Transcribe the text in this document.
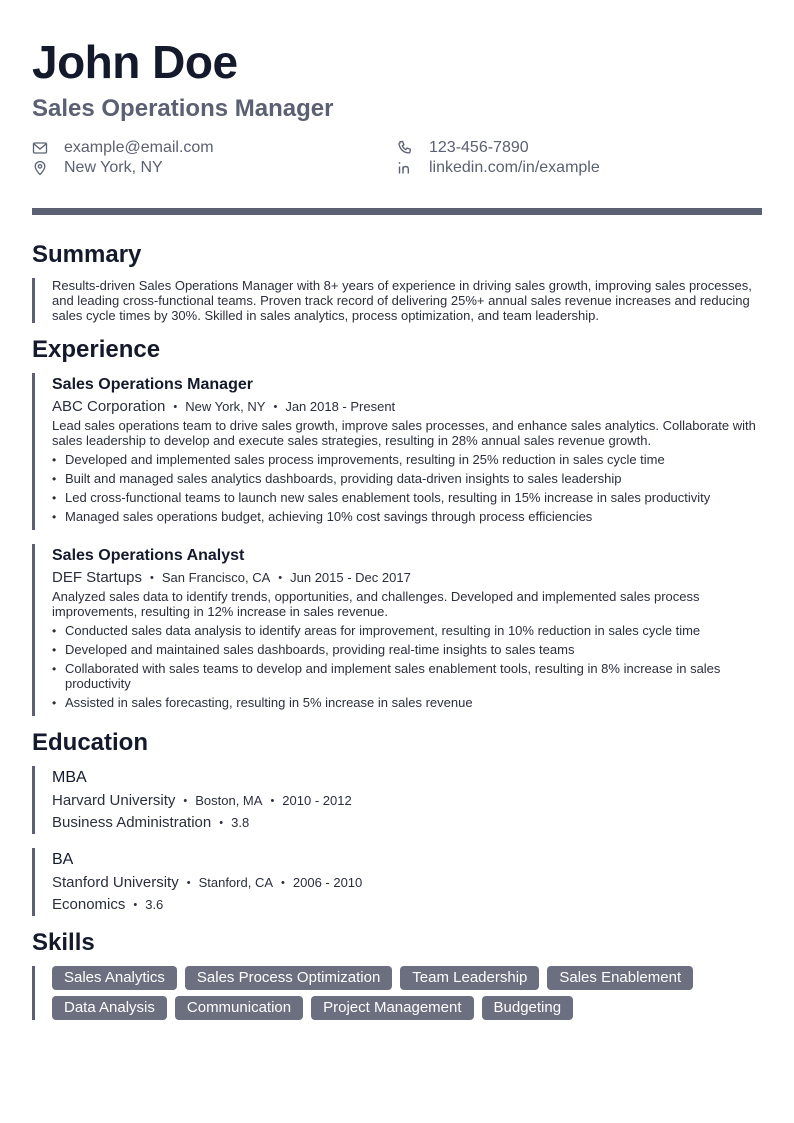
John Doe
Sales Operations Manager
example@email.com	123-456-7890
New York, NY	linkedin.com/in/example
Summary
Results-driven Sales Operations Manager with 8+ years of experience in driving sales growth, improving sales processes, and leading cross-functional teams. Proven track record of delivering 25%+ annual sales revenue increases and reducing sales cycle times by 30%. Skilled in sales analytics, process optimization, and team leadership.
Experience
Sales Operations Manager
ABC Corporation • New York, NY • Jan 2018 - Present
Lead sales operations team to drive sales growth, improve sales processes, and enhance sales analytics. Collaborate with sales leadership to develop and execute sales strategies, resulting in 28% annual sales revenue growth.
• Developed and implemented sales process improvements, resulting in 25% reduction in sales cycle time
• Built and managed sales analytics dashboards, providing data-driven insights to sales leadership
• Led cross-functional teams to launch new sales enablement tools, resulting in 15% increase in sales productivity
• Managed sales operations budget, achieving 10% cost savings through process efficiencies
Sales Operations Analyst
DEF Startups • San Francisco, CA • Jun 2015 - Dec 2017
Analyzed sales data to identify trends, opportunities, and challenges. Developed and implemented sales process improvements, resulting in 12% increase in sales revenue.
• Conducted sales data analysis to identify areas for improvement, resulting in 10% reduction in sales cycle time
• Developed and maintained sales dashboards, providing real-time insights to sales teams
• Collaborated with sales teams to develop and implement sales enablement tools, resulting in 8% increase in sales productivity
• Assisted in sales forecasting, resulting in 5% increase in sales revenue
Education
MBA
Harvard University • Boston, MA • 2010 - 2012
Business Administration • 3.8
BA
Stanford University • Stanford, CA • 2006 - 2010
Economics • 3.6
Skills
Sales Analytics	Sales Process Optimization	Team Leadership	Sales Enablement
Data Analysis	Communication	Project Management	Budgeting
